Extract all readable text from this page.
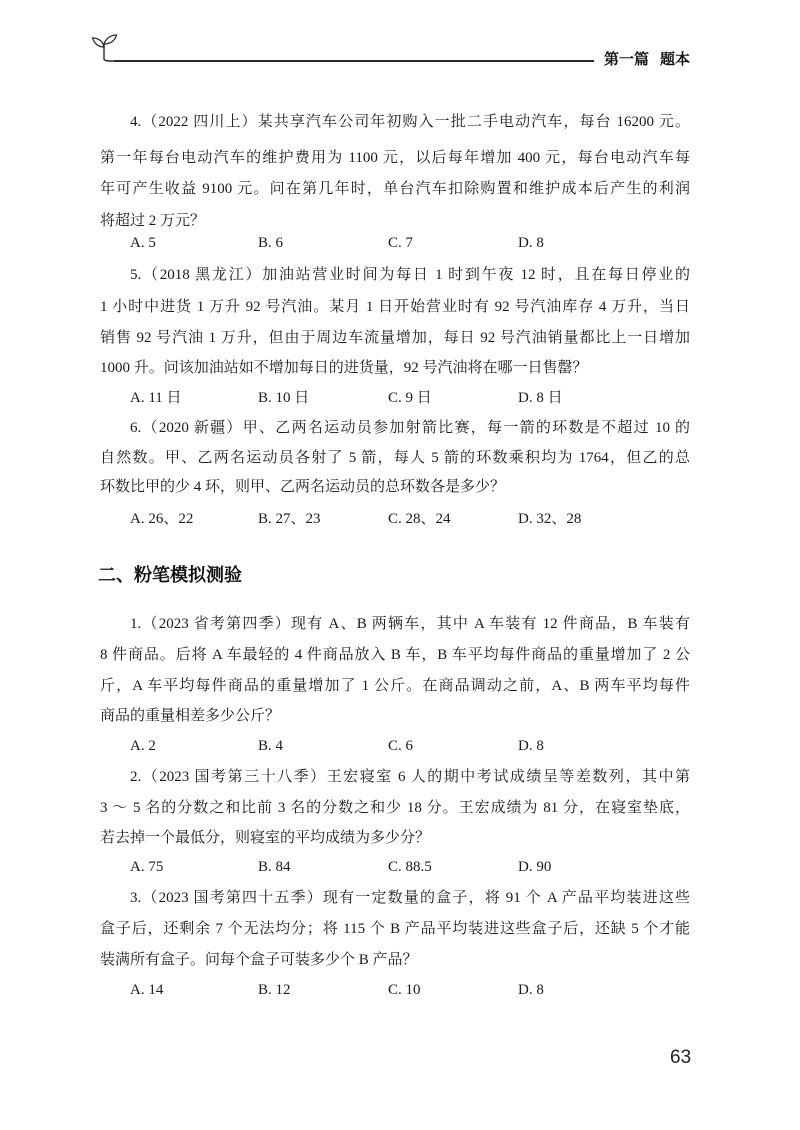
第一篇 题本
4.（2022 四川上）某共享汽车公司年初购入一批二手电动汽车，每台 16200 元。
第一年每台电动汽车的维护费用为 1100 元，以后每年增加 400 元，每台电动汽车每
年可产生收益 9100 元。问在第几年时，单台汽车扣除购置和维护成本后产生的利润
将超过 2 万元？
A. 5	B. 6	C. 7	D. 8
5.（2018 黑龙江）加油站营业时间为每日 1 时到午夜 12 时，且在每日停业的
1 小时中进货 1 万升 92 号汽油。某月 1 日开始营业时有 92 号汽油库存 4 万升，当日
销售 92 号汽油 1 万升，但由于周边车流量增加，每日 92 号汽油销量都比上一日增加
1000 升。问该加油站如不增加每日的进货量，92 号汽油将在哪一日售罄？
A. 11 日	B. 10 日	C. 9 日	D. 8 日
6.（2020 新疆）甲、乙两名运动员参加射箭比赛，每一箭的环数是不超过 10 的
自然数。甲、乙两名运动员各射了 5 箭，每人 5 箭的环数乘积均为 1764，但乙的总
环数比甲的少 4 环，则甲、乙两名运动员的总环数各是多少？
A. 26、22	B. 27、23	C. 28、24	D. 32、28
二、粉笔模拟测验
1.（2023 省考第四季）现有 A、B 两辆车，其中 A 车装有 12 件商品，B 车装有
8 件商品。后将 A 车最轻的 4 件商品放入 B 车，B 车平均每件商品的重量增加了 2 公
斤，A 车平均每件商品的重量增加了 1 公斤。在商品调动之前，A、B 两车平均每件
商品的重量相差多少公斤？
A. 2	B. 4	C. 6	D. 8
2.（2023 国考第三十八季）王宏寝室 6 人的期中考试成绩呈等差数列，其中第
3 ～ 5 名的分数之和比前 3 名的分数之和少 18 分。王宏成绩为 81 分，在寝室垫底，
若去掉一个最低分，则寝室的平均成绩为多少分？
A. 75	B. 84	C. 88.5	D. 90
3.（2023 国考第四十五季）现有一定数量的盒子，将 91 个 A 产品平均装进这些
盒子后，还剩余 7 个无法均分；将 115 个 B 产品平均装进这些盒子后，还缺 5 个才能
装满所有盒子。问每个盒子可装多少个 B 产品？
A. 14	B. 12	C. 10	D. 8
63
